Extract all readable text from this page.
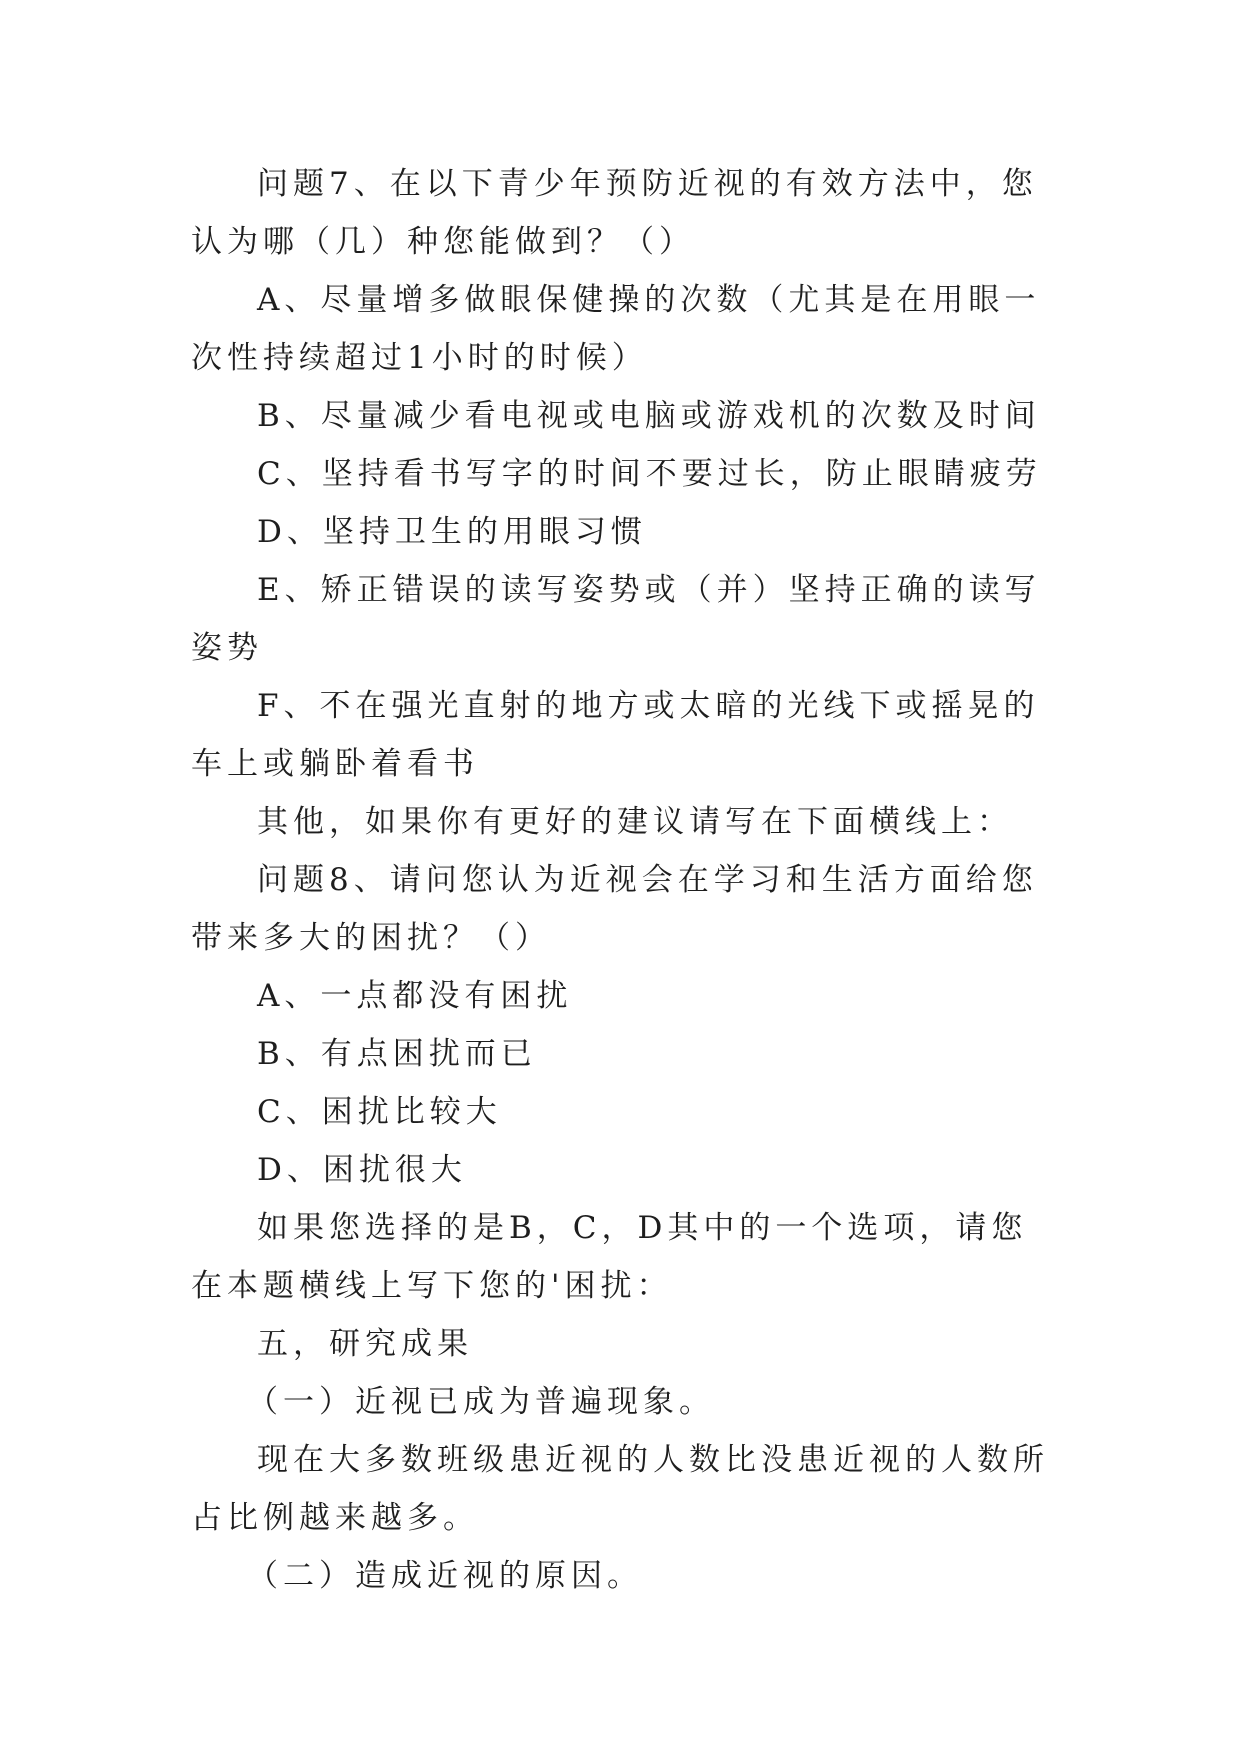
问题7、在以下青少年预防近视的有效方法中，您认为哪（几）种您能做到？（）

A、尽量增多做眼保健操的次数（尤其是在用眼一次性持续超过1小时的时候）

B、尽量减少看电视或电脑或游戏机的次数及时间

C、坚持看书写字的时间不要过长，防止眼睛疲劳

D、坚持卫生的用眼习惯

E、矫正错误的读写姿势或（并）坚持正确的读写姿势

F、不在强光直射的地方或太暗的光线下或摇晃的车上或躺卧着看书

其他，如果你有更好的建议请写在下面横线上：

问题8、请问您认为近视会在学习和生活方面给您带来多大的困扰？（）

A、一点都没有困扰

B、有点困扰而已

C、困扰比较大

D、困扰很大

如果您选择的是B，C，D其中的一个选项，请您在本题横线上写下您的'困扰：

五，研究成果

（一）近视已成为普遍现象。

现在大多数班级患近视的人数比没患近视的人数所占比例越来越多。

（二）造成近视的原因。
